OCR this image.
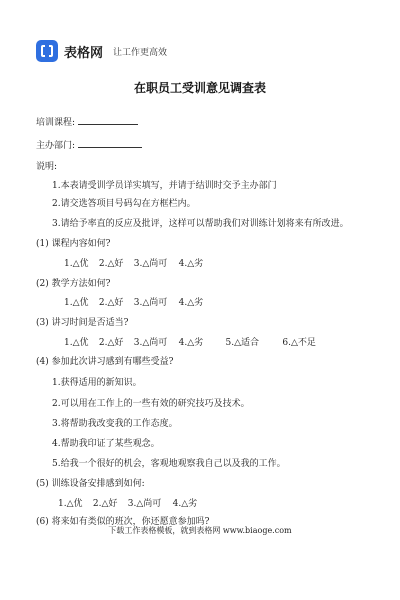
表格网 让工作更高效
在职员工受训意见调查表
培训课程:
主办部门:
说明:
1.本表请受训学员详实填写，并请于结训时交予主办部门
2.请交选答项目号码勾在方框栏内。
3.请给予率直的反应及批评，这样可以帮助我们对训练计划将来有所改进。
(1) 课程内容如何?
1.△优 2.△好 3.△尚可 4.△劣
(2) 教学方法如何?
1.△优 2.△好 3.△尚可 4.△劣
(3) 讲习时间是否适当?
1.△优 2.△好 3.△尚可 4.△劣 5.△适合	6.△不足
(4) 参加此次讲习感到有哪些受益?
1.获得适用的新知识。
2.可以用在工作上的一些有效的研究技巧及技术。
3.将帮助我改变我的工作态度。
4.帮助我印证了某些观念。
5.给我一个很好的机会，客观地观察我自己以及我的工作。
(5) 训练设备安排感到如何:
1.△优 2.△好 3.△尚可 4.△劣
(6) 将来如有类似的班次，你还愿意参加吗?
下载工作表格模板，就到表格网 www.biaoge.com
